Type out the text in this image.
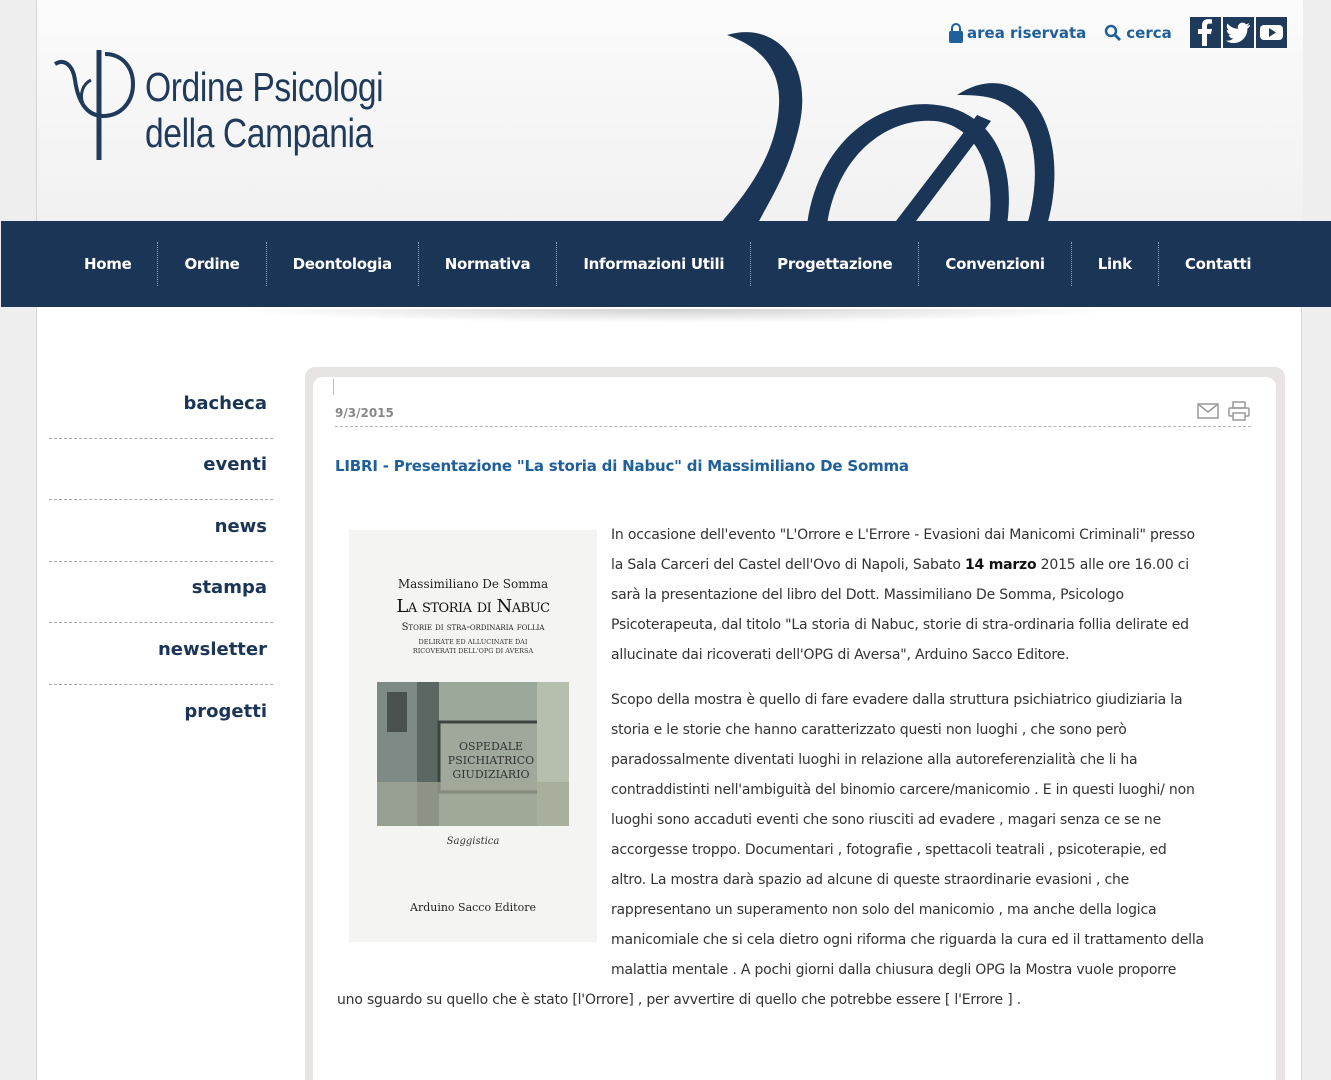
Ordine Psicologi
della Campania
area riservata	cerca
Home	Ordine	Deontologia	Normativa	Informazioni Utili	Progettazione	Convenzioni	Link	Contatti
bacheca
eventi
news
stampa
newsletter
progetti
9/3/2015
LIBRI - Presentazione "La storia di Nabuc" di Massimiliano De Somma
Massimiliano De Somma
La storia di Nabuc
Storie di stra-ordinaria follia
DELIRATE ED ALLUCINATE DAI RICOVERATI DELL'OPG DI AVERSA
OSPEDALE PSICHIATRICO GIUDIZIARIO
Saggistica
Arduino Sacco Editore
In occasione dell'evento "L'Orrore e L'Errore - Evasioni dai Manicomi Criminali" presso
la Sala Carceri del Castel dell'Ovo di Napoli, Sabato 14 marzo 2015 alle ore 16.00 ci
sarà la presentazione del libro del Dott. Massimiliano De Somma, Psicologo
Psicoterapeuta, dal titolo "La storia di Nabuc, storie di stra-ordinaria follia delirate ed
allucinate dai ricoverati dell'OPG di Aversa", Arduino Sacco Editore.
Scopo della mostra è quello di fare evadere dalla struttura psichiatrico giudiziaria la
storia e le storie che hanno caratterizzato questi non luoghi , che sono però
paradossalmente diventati luoghi in relazione alla autoreferenzialità che li ha
contraddistinti nell'ambiguità del binomio carcere/manicomio . E in questi luoghi/ non
luoghi sono accaduti eventi che sono riusciti ad evadere , magari senza ce se ne
accorgesse troppo. Documentari , fotografie , spettacoli teatrali , psicoterapie, ed
altro. La mostra darà spazio ad alcune di queste straordinarie evasioni , che
rappresentano un superamento non solo del manicomio , ma anche della logica
manicomiale che si cela dietro ogni riforma che riguarda la cura ed il trattamento della
malattia mentale . A pochi giorni dalla chiusura degli OPG la Mostra vuole proporre
uno sguardo su quello che è stato [l'Orrore] , per avvertire di quello che potrebbe essere [ l'Errore ] .
